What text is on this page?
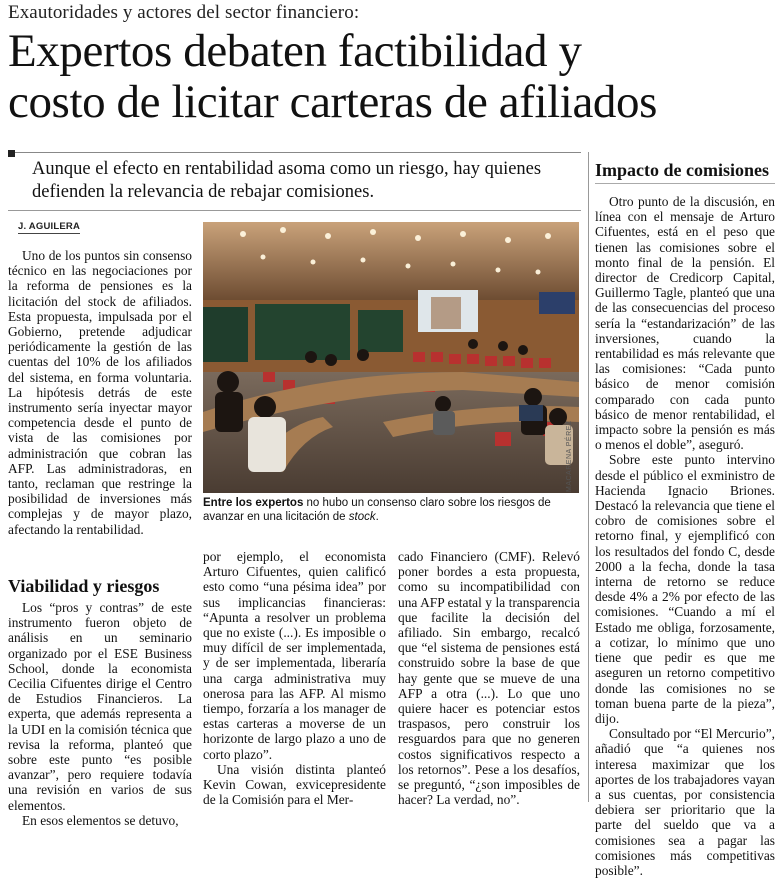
Exautoridades y actores del sector financiero:
Expertos debaten factibilidad y
costo de licitar carteras de afiliados
Aunque el efecto en rentabilidad asoma como un riesgo, hay quienes defienden la relevancia de rebajar comisiones.
J. AGUILERA

Uno de los puntos sin consenso técnico en las negociaciones por la reforma de pensiones es la licitación del stock de afiliados. Esta propuesta, impulsada por el Gobierno, pretende adjudicar periódicamente la gestión de las cuentas del 10% de los afiliados del sistema, en forma voluntaria. La hipótesis detrás de este instrumento sería inyectar mayor competencia desde el punto de vista de las comisiones por administración que cobran las AFP. Las administradoras, en tanto, reclaman que restringe la posibilidad de inversiones más complejas y de mayor plazo, afectando la rentabilidad.

Viabilidad y riesgos

Los “pros y contras” de este instrumento fueron objeto de análisis en un seminario organizado por el ESE Business School, donde la economista Cecilia Cifuentes dirige el Centro de Estudios Financieros. La experta, que además representa a la UDI en la comisión técnica que revisa la reforma, planteó que sobre este punto “es posible avanzar”, pero requiere todavía una revisión en varios de sus elementos.

En esos elementos se detuvo,

MACARENA PÉREZ
Entre los expertos no hubo un consenso claro sobre los riesgos de avanzar en una licitación de stock.

por ejemplo, el economista Arturo Cifuentes, quien calificó esto como “una pésima idea” por sus implicancias financieras: “Apunta a resolver un problema que no existe (...). Es imposible o muy difícil de ser implementada, y de ser implementada, liberaría una carga administrativa muy onerosa para las AFP. Al mismo tiempo, forzaría a los manager de estas carteras a moverse de un horizonte de largo plazo a uno de corto plazo”.

Una visión distinta planteó Kevin Cowan, exvicepresidente de la Comisión para el Mer-

cado Financiero (CMF). Relevó poner bordes a esta propuesta, como su incompatibilidad con una AFP estatal y la transparencia que facilite la decisión del afiliado. Sin embargo, recalcó que “el sistema de pensiones está construido sobre la base de que hay gente que se mueve de una AFP a otra (...). Lo que uno quiere hacer es potenciar estos traspasos, pero construir los resguardos para que no generen costos significativos respecto a los retornos”. Pese a los desafíos, se preguntó, “¿son imposibles de hacer? La verdad, no”.

Impacto de comisiones

Otro punto de la discusión, en línea con el mensaje de Arturo Cifuentes, está en el peso que tienen las comisiones sobre el monto final de la pensión. El director de Credicorp Capital, Guillermo Tagle, planteó que una de las consecuencias del proceso sería la “estandarización” de las inversiones, cuando la rentabilidad es más relevante que las comisiones: “Cada punto básico de menor comisión comparado con cada punto básico de menor rentabilidad, el impacto sobre la pensión es más o menos el doble”, aseguró.

Sobre este punto intervino desde el público el exministro de Hacienda Ignacio Briones. Destacó la relevancia que tiene el cobro de comisiones sobre el retorno final, y ejemplificó con los resultados del fondo C, desde 2000 a la fecha, donde la tasa interna de retorno se reduce desde 4% a 2% por efecto de las comisiones. “Cuando a mí el Estado me obliga, forzosamente, a cotizar, lo mínimo que uno tiene que pedir es que me aseguren un retorno competitivo donde las comisiones no se toman buena parte de la pieza”, dijo.

Consultado por “El Mercurio”, añadió que “a quienes nos interesa maximizar que los aportes de los trabajadores vayan a sus cuentas, por consistencia debiera ser prioritario que la parte del sueldo que va a comisiones sea a pagar las comisiones más competitivas posible”.
